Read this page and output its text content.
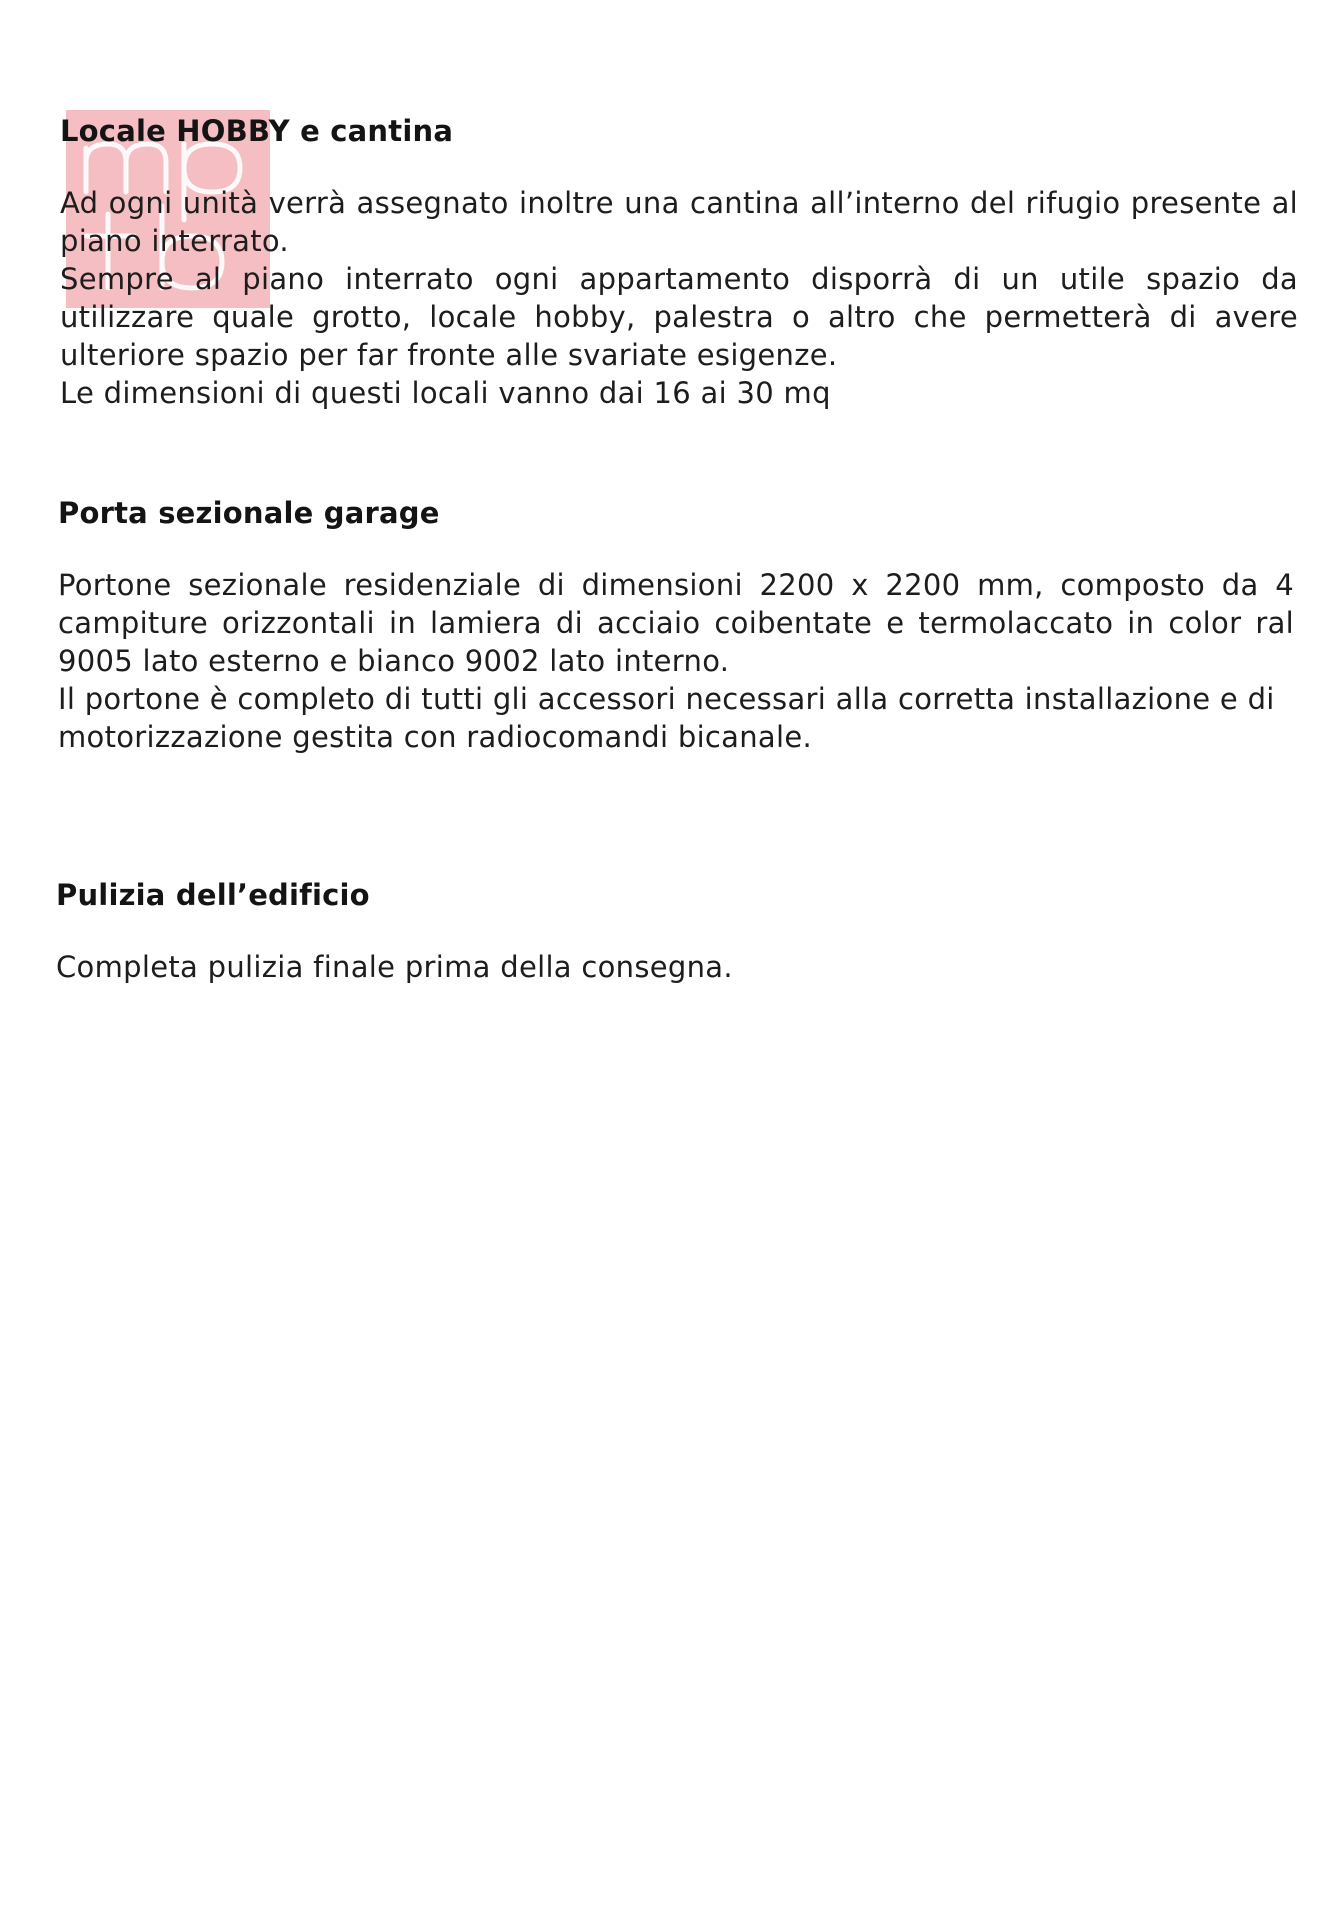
Locale HOBBY e cantina

Ad ogni unità verrà assegnato inoltre una cantina all’interno del rifugio presente al piano interrato.

Sempre al piano interrato ogni appartamento disporrà di un utile spazio da utilizzare quale grotto, locale hobby, palestra o altro che permetterà di avere ulteriore spazio per far fronte alle svariate esigenze.

Le dimensioni di questi locali vanno dai 16 ai 30 mq

Porta sezionale garage

Portone sezionale residenziale di dimensioni 2200 x 2200 mm, composto da 4 campiture orizzontali in lamiera di acciaio coibentate e termolaccato in color ral 9005 lato esterno e bianco 9002 lato interno.

Il portone è completo di tutti gli accessori necessari alla corretta installazione e di motorizzazione gestita con radiocomandi bicanale.

Pulizia dell’edificio

Completa pulizia finale prima della consegna.
